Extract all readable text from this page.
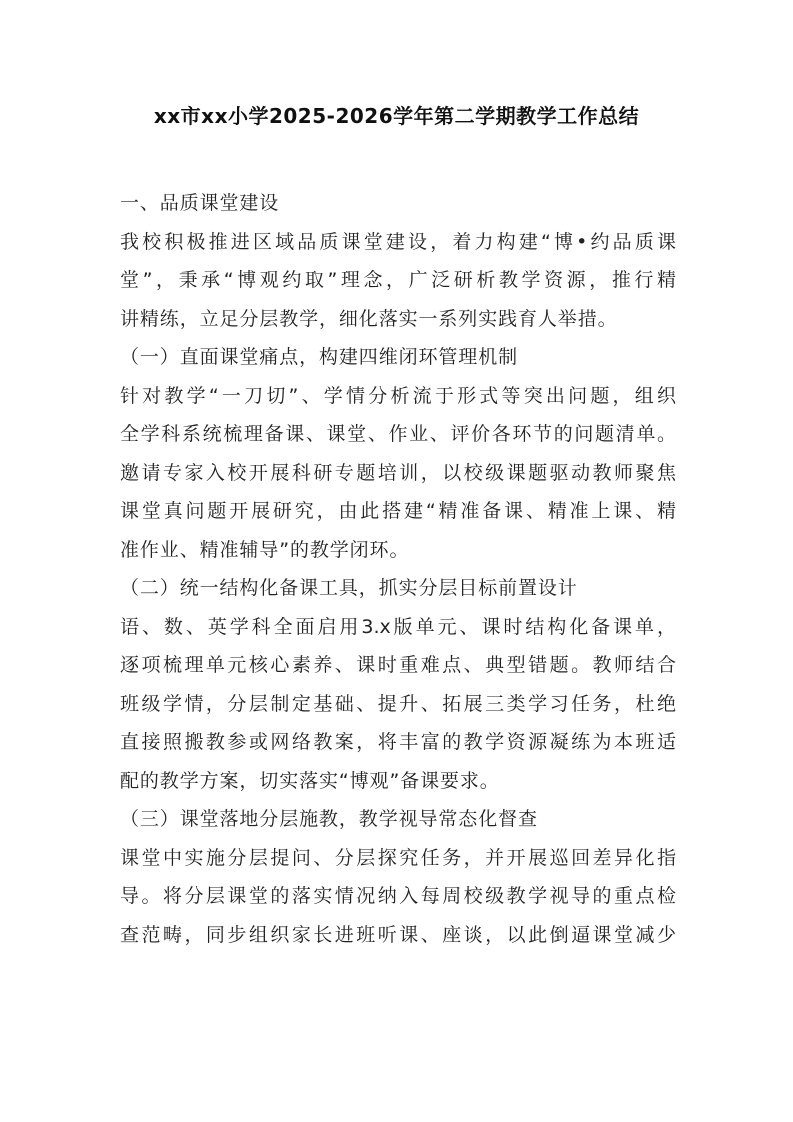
xx市xx小学2025-2026学年第二学期教学工作总结
一、品质课堂建设
我校积极推进区域品质课堂建设，着力构建“博•约品质课
堂”，秉承“博观约取”理念，广泛研析教学资源，推行精
讲精练，立足分层教学，细化落实一系列实践育人举措。
（一）直面课堂痛点，构建四维闭环管理机制
针对教学“一刀切”、学情分析流于形式等突出问题，组织
全学科系统梳理备课、课堂、作业、评价各环节的问题清单。
邀请专家入校开展科研专题培训，以校级课题驱动教师聚焦
课堂真问题开展研究，由此搭建“精准备课、精准上课、精
准作业、精准辅导”的教学闭环。
（二）统一结构化备课工具，抓实分层目标前置设计
语、数、英学科全面启用3.x版单元、课时结构化备课单，
逐项梳理单元核心素养、课时重难点、典型错题。教师结合
班级学情，分层制定基础、提升、拓展三类学习任务，杜绝
直接照搬教参或网络教案，将丰富的教学资源凝练为本班适
配的教学方案，切实落实“博观”备课要求。
（三）课堂落地分层施教，教学视导常态化督查
课堂中实施分层提问、分层探究任务，并开展巡回差异化指
导。将分层课堂的落实情况纳入每周校级教学视导的重点检
查范畴，同步组织家长进班听课、座谈，以此倒逼课堂减少
